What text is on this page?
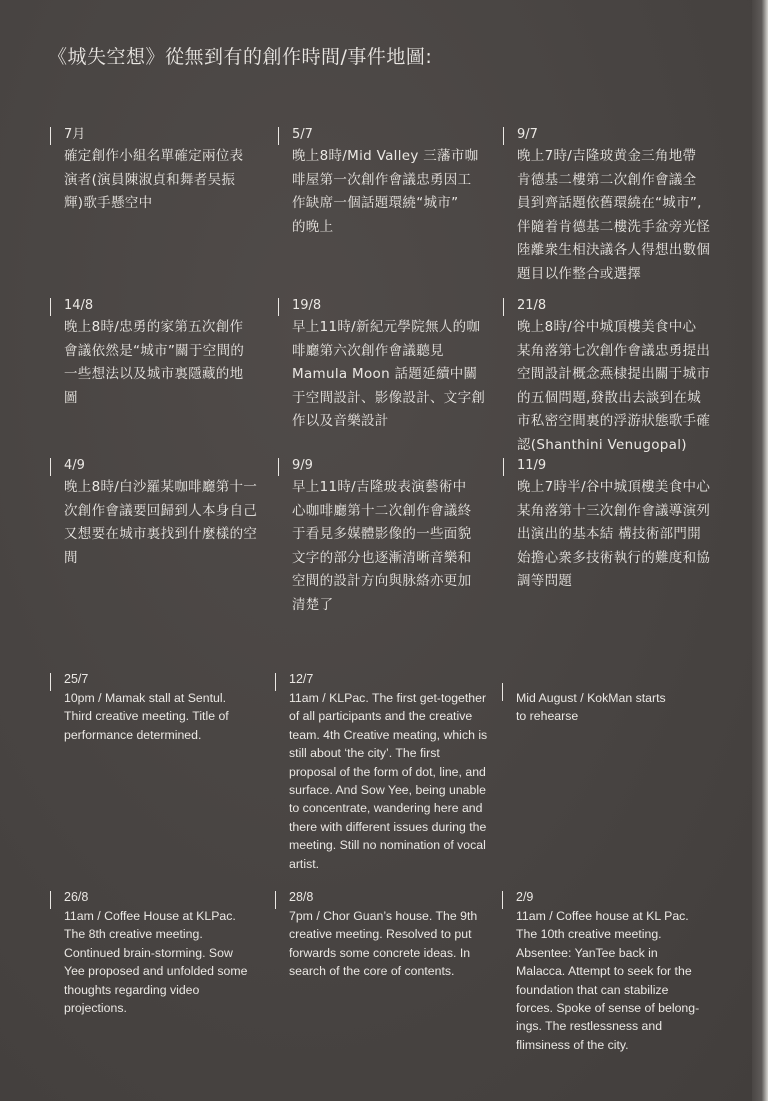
《城失空想》從無到有的創作時間/事件地圖:
7月
確定創作小組名單確定兩位表
演者(演員陳淑貞和舞者吴振
輝)歌手懸空中
5/7
晚上8時/Mid Valley 三藩市咖
啡屋第一次創作會議忠勇因工
作缺席一個話題環繞“城市”
的晚上
9/7
晚上7時/吉隆玻黄金三角地帶
肯德基二樓第二次創作會議全
員到齊話題依舊環繞在“城市”,
伴隨着肯德基二樓洗手盆旁光怪
陸離衆生相決議各人得想出數個
題目以作整合或選擇
14/8
晚上8時/忠勇的家第五次創作
會議依然是“城市”關于空間的
一些想法以及城市裏隱藏的地
圖
19/8
早上11時/新紀元學院無人的咖
啡廳第六次創作會議聽見
Mamula Moon 話題延續中關
于空間設計、影像設計、文字創
作以及音樂設計
21/8
晚上8時/谷中城頂樓美食中心
某角落第七次創作會議忠勇提出
空間設計概念燕棣提出關于城市
的五個問題,發散出去談到在城
市私密空間裏的浮游狀態歌手確
認(Shanthini Venugopal)
4/9
晚上8時/白沙羅某咖啡廳第十一
次創作會議要回歸到人本身自己
又想要在城市裏找到什麼樣的空
間
9/9
早上11時/吉隆玻表演藝術中
心咖啡廳第十二次創作會議終
于看見多媒體影像的一些面貌
文字的部分也逐漸清晰音樂和
空間的設計方向與脉絡亦更加
清楚了
11/9
晚上7時半/谷中城頂樓美食中心
某角落第十三次創作會議導演列
出演出的基本結 構技術部門開
始擔心衆多技術執行的難度和協
調等問題
25/7
10pm / Mamak stall at Sentul.
Third creative meeting. Title of
performance determined.
12/7
11am / KLPac. The first get-together
of all participants and the creative
team. 4th Creative meating, which is
still about ‘the city’. The first
proposal of the form of dot, line, and
surface. And Sow Yee, being unable
to concentrate, wandering here and
there with different issues during the
meeting. Still no nomination of vocal
artist.
Mid August / KokMan starts
to rehearse
26/8
11am / Coffee House at KLPac.
The 8th creative meeting.
Continued brain-storming. Sow
Yee proposed and unfolded some
thoughts regarding video
projections.
28/8
7pm / Chor Guan’s house. The 9th
creative meeting. Resolved to put
forwards some concrete ideas. In
search of the core of contents.
2/9
11am / Coffee house at KL Pac.
The 10th creative meeting.
Absentee: YanTee back in
Malacca. Attempt to seek for the
foundation that can stabilize
forces. Spoke of sense of belong-
ings. The restlessness and
flimsiness of the city.
